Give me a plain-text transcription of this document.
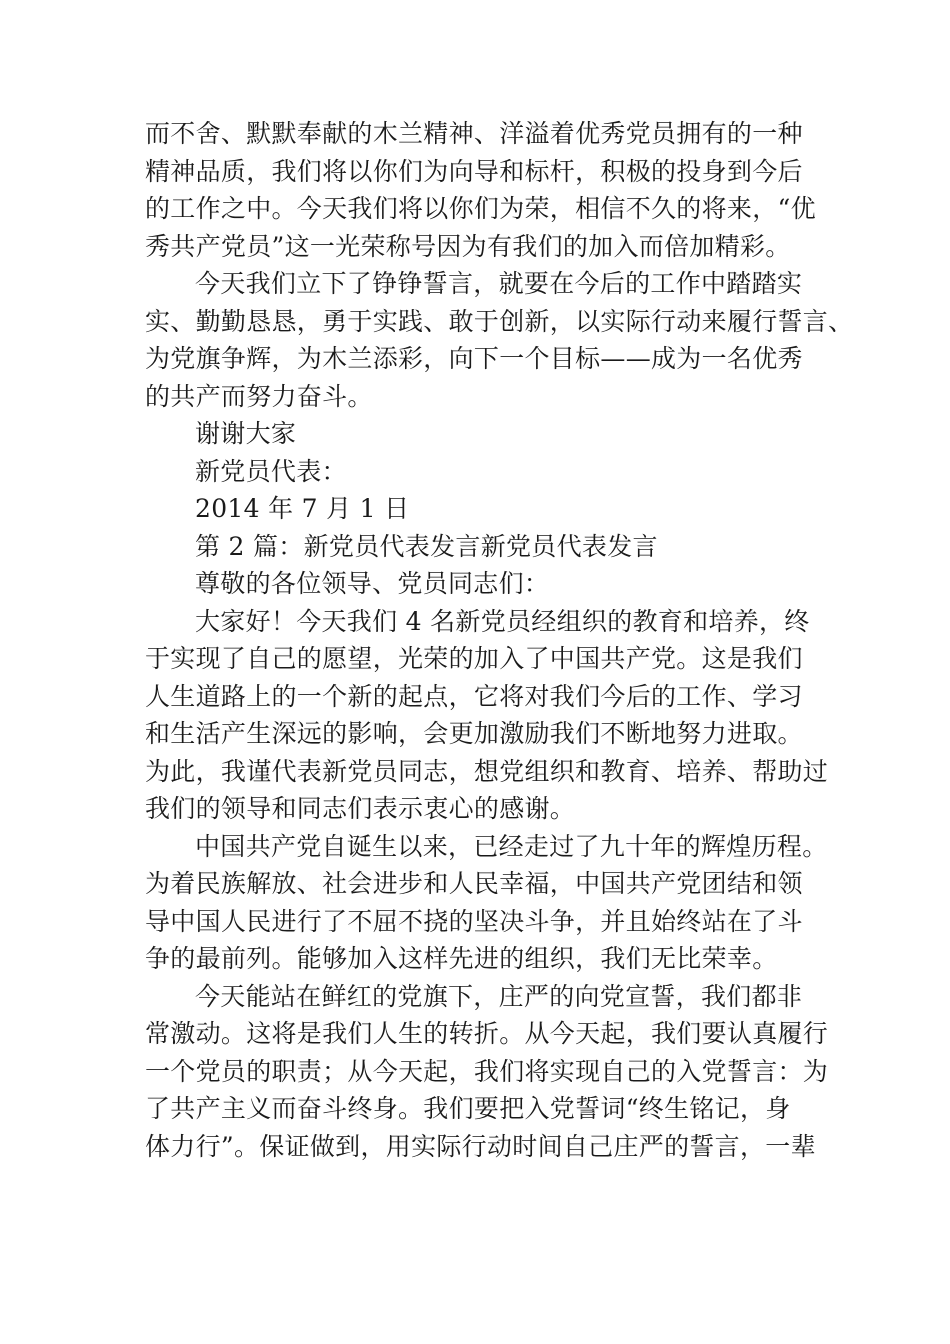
而不舍、默默奉献的木兰精神、洋溢着优秀党员拥有的一种
精神品质，我们将以你们为向导和标杆，积极的投身到今后
的工作之中。今天我们将以你们为荣，相信不久的将来，“优
秀共产党员”这一光荣称号因为有我们的加入而倍加精彩。

今天我们立下了铮铮誓言，就要在今后的工作中踏踏实
实、勤勤恳恳，勇于实践、敢于创新，以实际行动来履行誓言、
为党旗争辉，为木兰添彩，向下一个目标——成为一名优秀
的共产而努力奋斗。

谢谢大家

新党员代表：

2014 年 7 月 1 日

第 2 篇：新党员代表发言新党员代表发言

尊敬的各位领导、党员同志们：

大家好！今天我们 4 名新党员经组织的教育和培养，终
于实现了自己的愿望，光荣的加入了中国共产党。这是我们
人生道路上的一个新的起点，它将对我们今后的工作、学习
和生活产生深远的影响，会更加激励我们不断地努力进取。
为此，我谨代表新党员同志，想党组织和教育、培养、帮助过
我们的领导和同志们表示衷心的感谢。

中国共产党自诞生以来，已经走过了九十年的辉煌历程。
为着民族解放、社会进步和人民幸福，中国共产党团结和领
导中国人民进行了不屈不挠的坚决斗争，并且始终站在了斗
争的最前列。能够加入这样先进的组织，我们无比荣幸。

今天能站在鲜红的党旗下，庄严的向党宣誓，我们都非
常激动。这将是我们人生的转折。从今天起，我们要认真履行
一个党员的职责；从今天起，我们将实现自己的入党誓言：为
了共产主义而奋斗终身。我们要把入党誓词“终生铭记，身
体力行”。保证做到，用实际行动时间自己庄严的誓言，一辈
